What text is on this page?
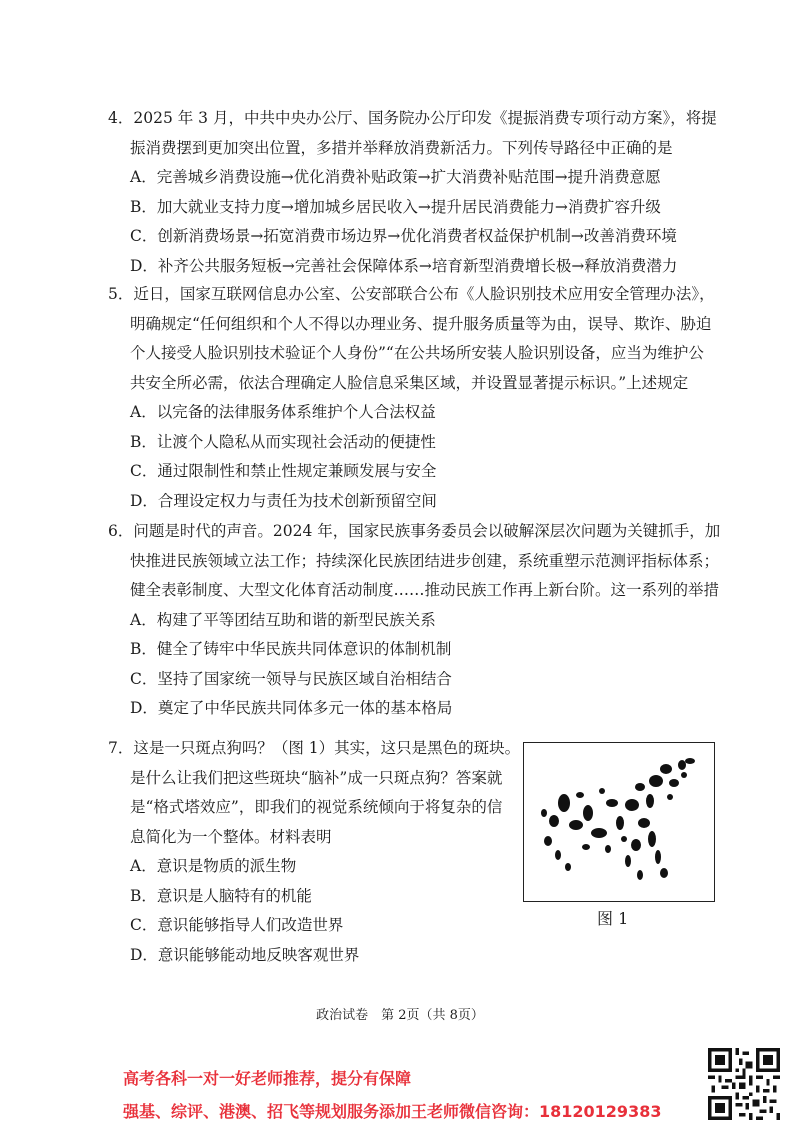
4．2025 年 3 月，中共中央办公厅、国务院办公厅印发《提振消费专项行动方案》，将提
振消费摆到更加突出位置，多措并举释放消费新活力。下列传导路径中正确的是
A．完善城乡消费设施→优化消费补贴政策→扩大消费补贴范围→提升消费意愿
B．加大就业支持力度→增加城乡居民收入→提升居民消费能力→消费扩容升级
C．创新消费场景→拓宽消费市场边界→优化消费者权益保护机制→改善消费环境
D．补齐公共服务短板→完善社会保障体系→培育新型消费增长极→释放消费潜力
5．近日，国家互联网信息办公室、公安部联合公布《人脸识别技术应用安全管理办法》，
明确规定“任何组织和个人不得以办理业务、提升服务质量等为由，误导、欺诈、胁迫
个人接受人脸识别技术验证个人身份”“在公共场所安装人脸识别设备，应当为维护公
共安全所必需，依法合理确定人脸信息采集区域，并设置显著提示标识。”上述规定
A．以完备的法律服务体系维护个人合法权益
B．让渡个人隐私从而实现社会活动的便捷性
C．通过限制性和禁止性规定兼顾发展与安全
D．合理设定权力与责任为技术创新预留空间
6．问题是时代的声音。2024 年，国家民族事务委员会以破解深层次问题为关键抓手，加
快推进民族领域立法工作；持续深化民族团结进步创建，系统重塑示范测评指标体系；
健全表彰制度、大型文化体育活动制度……推动民族工作再上新台阶。这一系列的举措
A．构建了平等团结互助和谐的新型民族关系
B．健全了铸牢中华民族共同体意识的体制机制
C．坚持了国家统一领导与民族区域自治相结合
D．奠定了中华民族共同体多元一体的基本格局
7．这是一只斑点狗吗？（图 1）其实，这只是黑色的斑块。
是什么让我们把这些斑块“脑补”成一只斑点狗？答案就
是“格式塔效应”，即我们的视觉系统倾向于将复杂的信
息简化为一个整体。材料表明
A．意识是物质的派生物
B．意识是人脑特有的机能
C．意识能够指导人们改造世界
D．意识能够能动地反映客观世界
图 1
政治试卷　第 2页（共 8页）
高考各科一对一好老师推荐，提分有保障
强基、综评、港澳、招飞等规划服务添加王老师微信咨询：18120129383
